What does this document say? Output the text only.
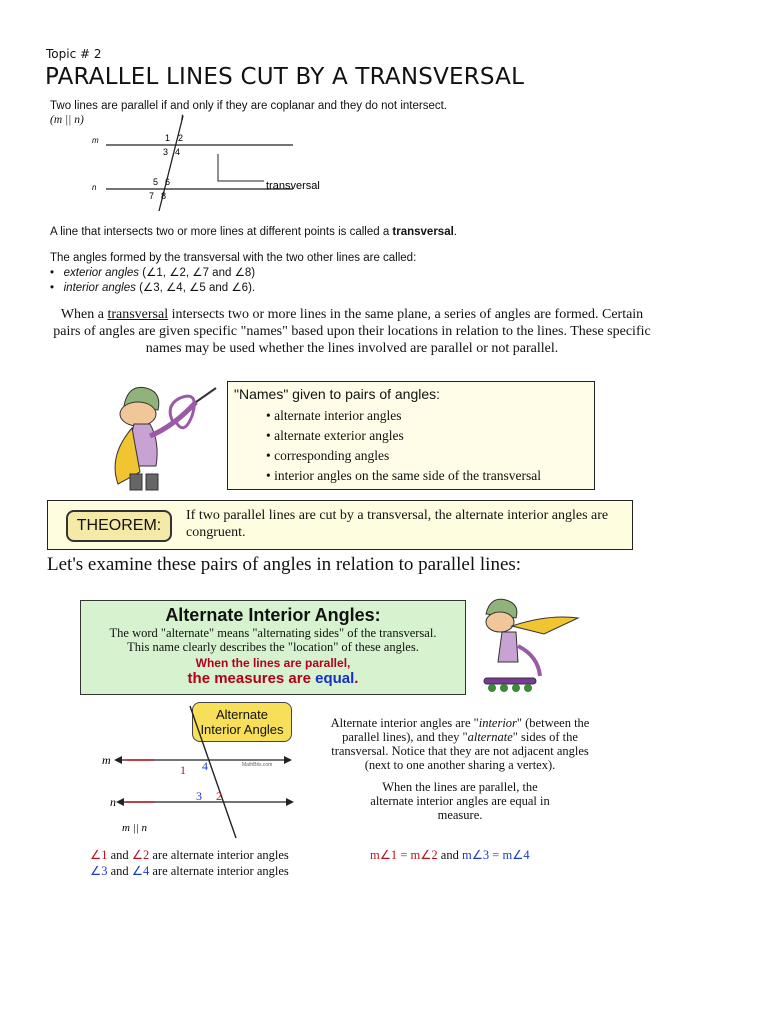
Topic # 2
PARALLEL LINES CUT BY A TRANSVERSAL
Two lines are parallel if and only if they are coplanar and they do not intersect.
(m || n)	t
m
n	transversal
1 2
3 4
5 6
7 8
A line that intersects two or more lines at different points is called a transversal.
The angles formed by the transversal with the two other lines are called:
•   exterior angles (∠1, ∠2, ∠7 and ∠8)
•   interior angles (∠3, ∠4, ∠5 and ∠6).
When a transversal intersects two or more lines in the same plane, a series of angles are formed. Certain pairs of angles are given specific "names" based upon their locations in relation to the lines. These specific names may be used whether the lines involved are parallel or not parallel.
"Names" given to pairs of angles:
• alternate interior angles
• alternate exterior angles
• corresponding angles
• interior angles on the same side of the transversal
THEOREM:
If two parallel lines are cut by a transversal, the alternate interior angles are congruent.
Let's examine these pairs of angles in relation to parallel lines:
Alternate Interior Angles:
The word "alternate" means "alternating sides" of the transversal.
This name clearly describes the "location" of these angles.
When the lines are parallel,
the measures are equal.
Alternate
Interior Angles
m
n
m || n
1 4
3 2
MathBits.com
Alternate interior angles are "interior" (between the parallel lines), and they "alternate" sides of the transversal. Notice that they are not adjacent angles (next to one another sharing a vertex).
When the lines are parallel, the alternate interior angles are equal in measure.
m∠1 = m∠2 and m∠3 = m∠4
∠1 and ∠2 are alternate interior angles
∠3 and ∠4 are alternate interior angles
